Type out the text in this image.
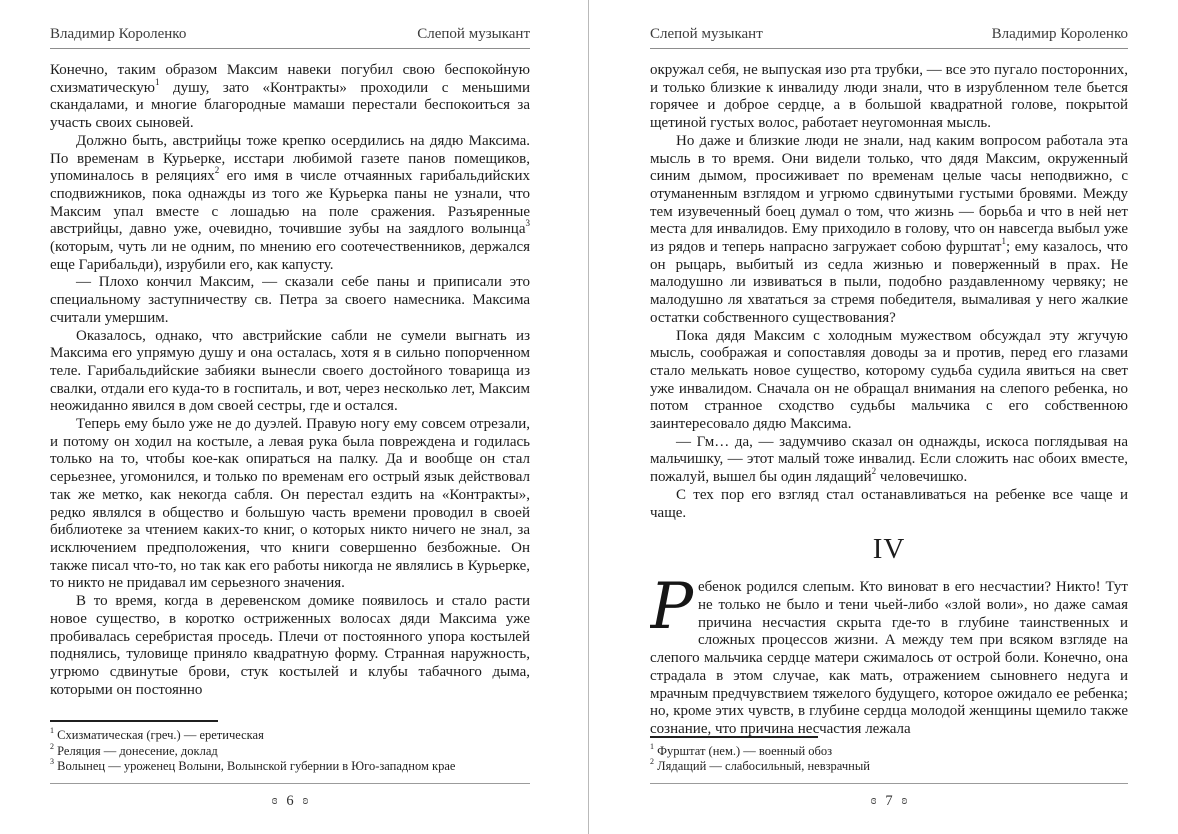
Владимир Короленко	Слепой музыкант

Конечно, таким образом Максим навеки погубил свою беспокойную схизматическую$^1$ душу, зато «Контракты» проходили с меньшими скандалами, и многие благородные мамаши перестали беспокоиться за участь своих сыновей.

Должно быть, австрийцы тоже крепко осердились на дядю Максима. По временам в Курьерке, исстари любимой газете панов помещиков, упоминалось в реляциях$^2$ его имя в числе отчаянных гарибальдийских сподвижников, пока однажды из того же Курьерка паны не узнали, что Максим упал вместе с лошадью на поле сражения. Разъяренные австрийцы, давно уже, очевидно, точившие зубы на заядлого волынца$^3$ (которым, чуть ли не одним, по мнению его соотечественников, держался еще Гарибальди), изрубили его, как капусту.

— Плохо кончил Максим, — сказали себе паны и приписали это специальному заступничеству св. Петра за своего намесника. Максима считали умершим.

Оказалось, однако, что австрийские сабли не сумели выгнать из Максима его упрямую душу и она осталась, хотя я в сильно попорченном теле. Гарибальдийские забияки вынесли своего достойного товарища из свалки, отдали его куда-то в госпиталь, и вот, через несколько лет, Максим неожиданно явился в дом своей сестры, где и остался.

Теперь ему было уже не до дуэлей. Правую ногу ему совсем отрезали, и потому он ходил на костыле, а левая рука была повреждена и годилась только на то, чтобы кое-как опираться на палку. Да и вообще он стал серьезнее, угомонился, и только по временам его острый язык действовал так же метко, как некогда сабля. Он перестал ездить на «Контракты», редко являлся в общество и большую часть времени проводил в своей библиотеке за чтением каких-то книг, о которых никто ничего не знал, за исключением предположения, что книги совершенно безбожные. Он также писал что-то, но так как его работы никогда не являлись в Курьерке, то никто не придавал им серьезного значения.

В то время, когда в деревенском домике появилось и стало расти новое существо, в коротко остриженных волосах дяди Максима уже пробивалась серебристая проседь. Плечи от постоянного упора костылей поднялись, туловище приняло квадратную форму. Странная наружность, угрюмо сдвинутые брови, стук костылей и клубы табачного дыма, которыми он постоянно

$^1$ Схизматическая (греч.) — еретическая

$^2$ Реляция — донесение, доклад

$^3$ Волынец — уроженец Волыни, Волынской губернии в Юго-западном крае

ɞ 6 ʚ
Слепой музыкант	Владимир Короленко

окружал себя, не выпуская изо рта трубки, — все это пугало посторонних, и только близкие к инвалиду люди знали, что в изрубленном теле бьется горячее и доброе сердце, а в большой квадратной голове, покрытой щетиной густых волос, работает неугомонная мысль.

Но даже и близкие люди не знали, над каким вопросом работала эта мысль в то время. Они видели только, что дядя Максим, окруженный синим дымом, просиживает по временам целые часы неподвижно, с отуманенным взглядом и угрюмо сдвинутыми густыми бровями. Между тем изувеченный боец думал о том, что жизнь — борьба и что в ней нет места для инвалидов. Ему приходило в голову, что он навсегда выбыл уже из рядов и теперь напрасно загружает собою фурштат$^1$; ему казалось, что он рыцарь, выбитый из седла жизнью и поверженный в прах. Не малодушно ли извиваться в пыли, подобно раздавленному червяку; не малодушно ля хвататься за стремя победителя, вымаливая у него жалкие остатки собственного существования?

Пока дядя Максим с холодным мужеством обсуждал эту жгучую мысль, соображая и сопоставляя доводы за и против, перед его глазами стало мелькать новое существо, которому судьба судила явиться на свет уже инвалидом. Сначала он не обращал внимания на слепого ребенка, но потом странное сходство судьбы мальчика с его собственною заинтересовало дядю Максима.

— Гм… да, — задумчиво сказал он однажды, искоса поглядывая на мальчишку, — этот малый тоже инвалид. Если сложить нас обоих вместе, пожалуй, вышел бы один лядащий$^2$ человечишко.

С тех пор его взгляд стал останавливаться на ребенке все чаще и чаще.

IV

Ребенок родился слепым. Кто виноват в его несчастии? Никто! Тут не только не было и тени чьей-либо «злой воли», но даже самая причина несчастия скрыта где-то в глубине таинственных и сложных процессов жизни. А между тем при всяком взгляде на слепого мальчика сердце матери сжималось от острой боли. Конечно, она страдала в этом случае, как мать, отражением сыновнего недуга и мрачным предчувствием тяжелого будущего, которое ожидало ее ребенка; но, кроме этих чувств, в глубине сердца молодой женщины щемило также сознание, что причина несчастия лежала

$^1$ Фурштат (нем.) — военный обоз

$^2$ Лядащий — слабосильный, невзрачный

ɞ 7 ʚ
